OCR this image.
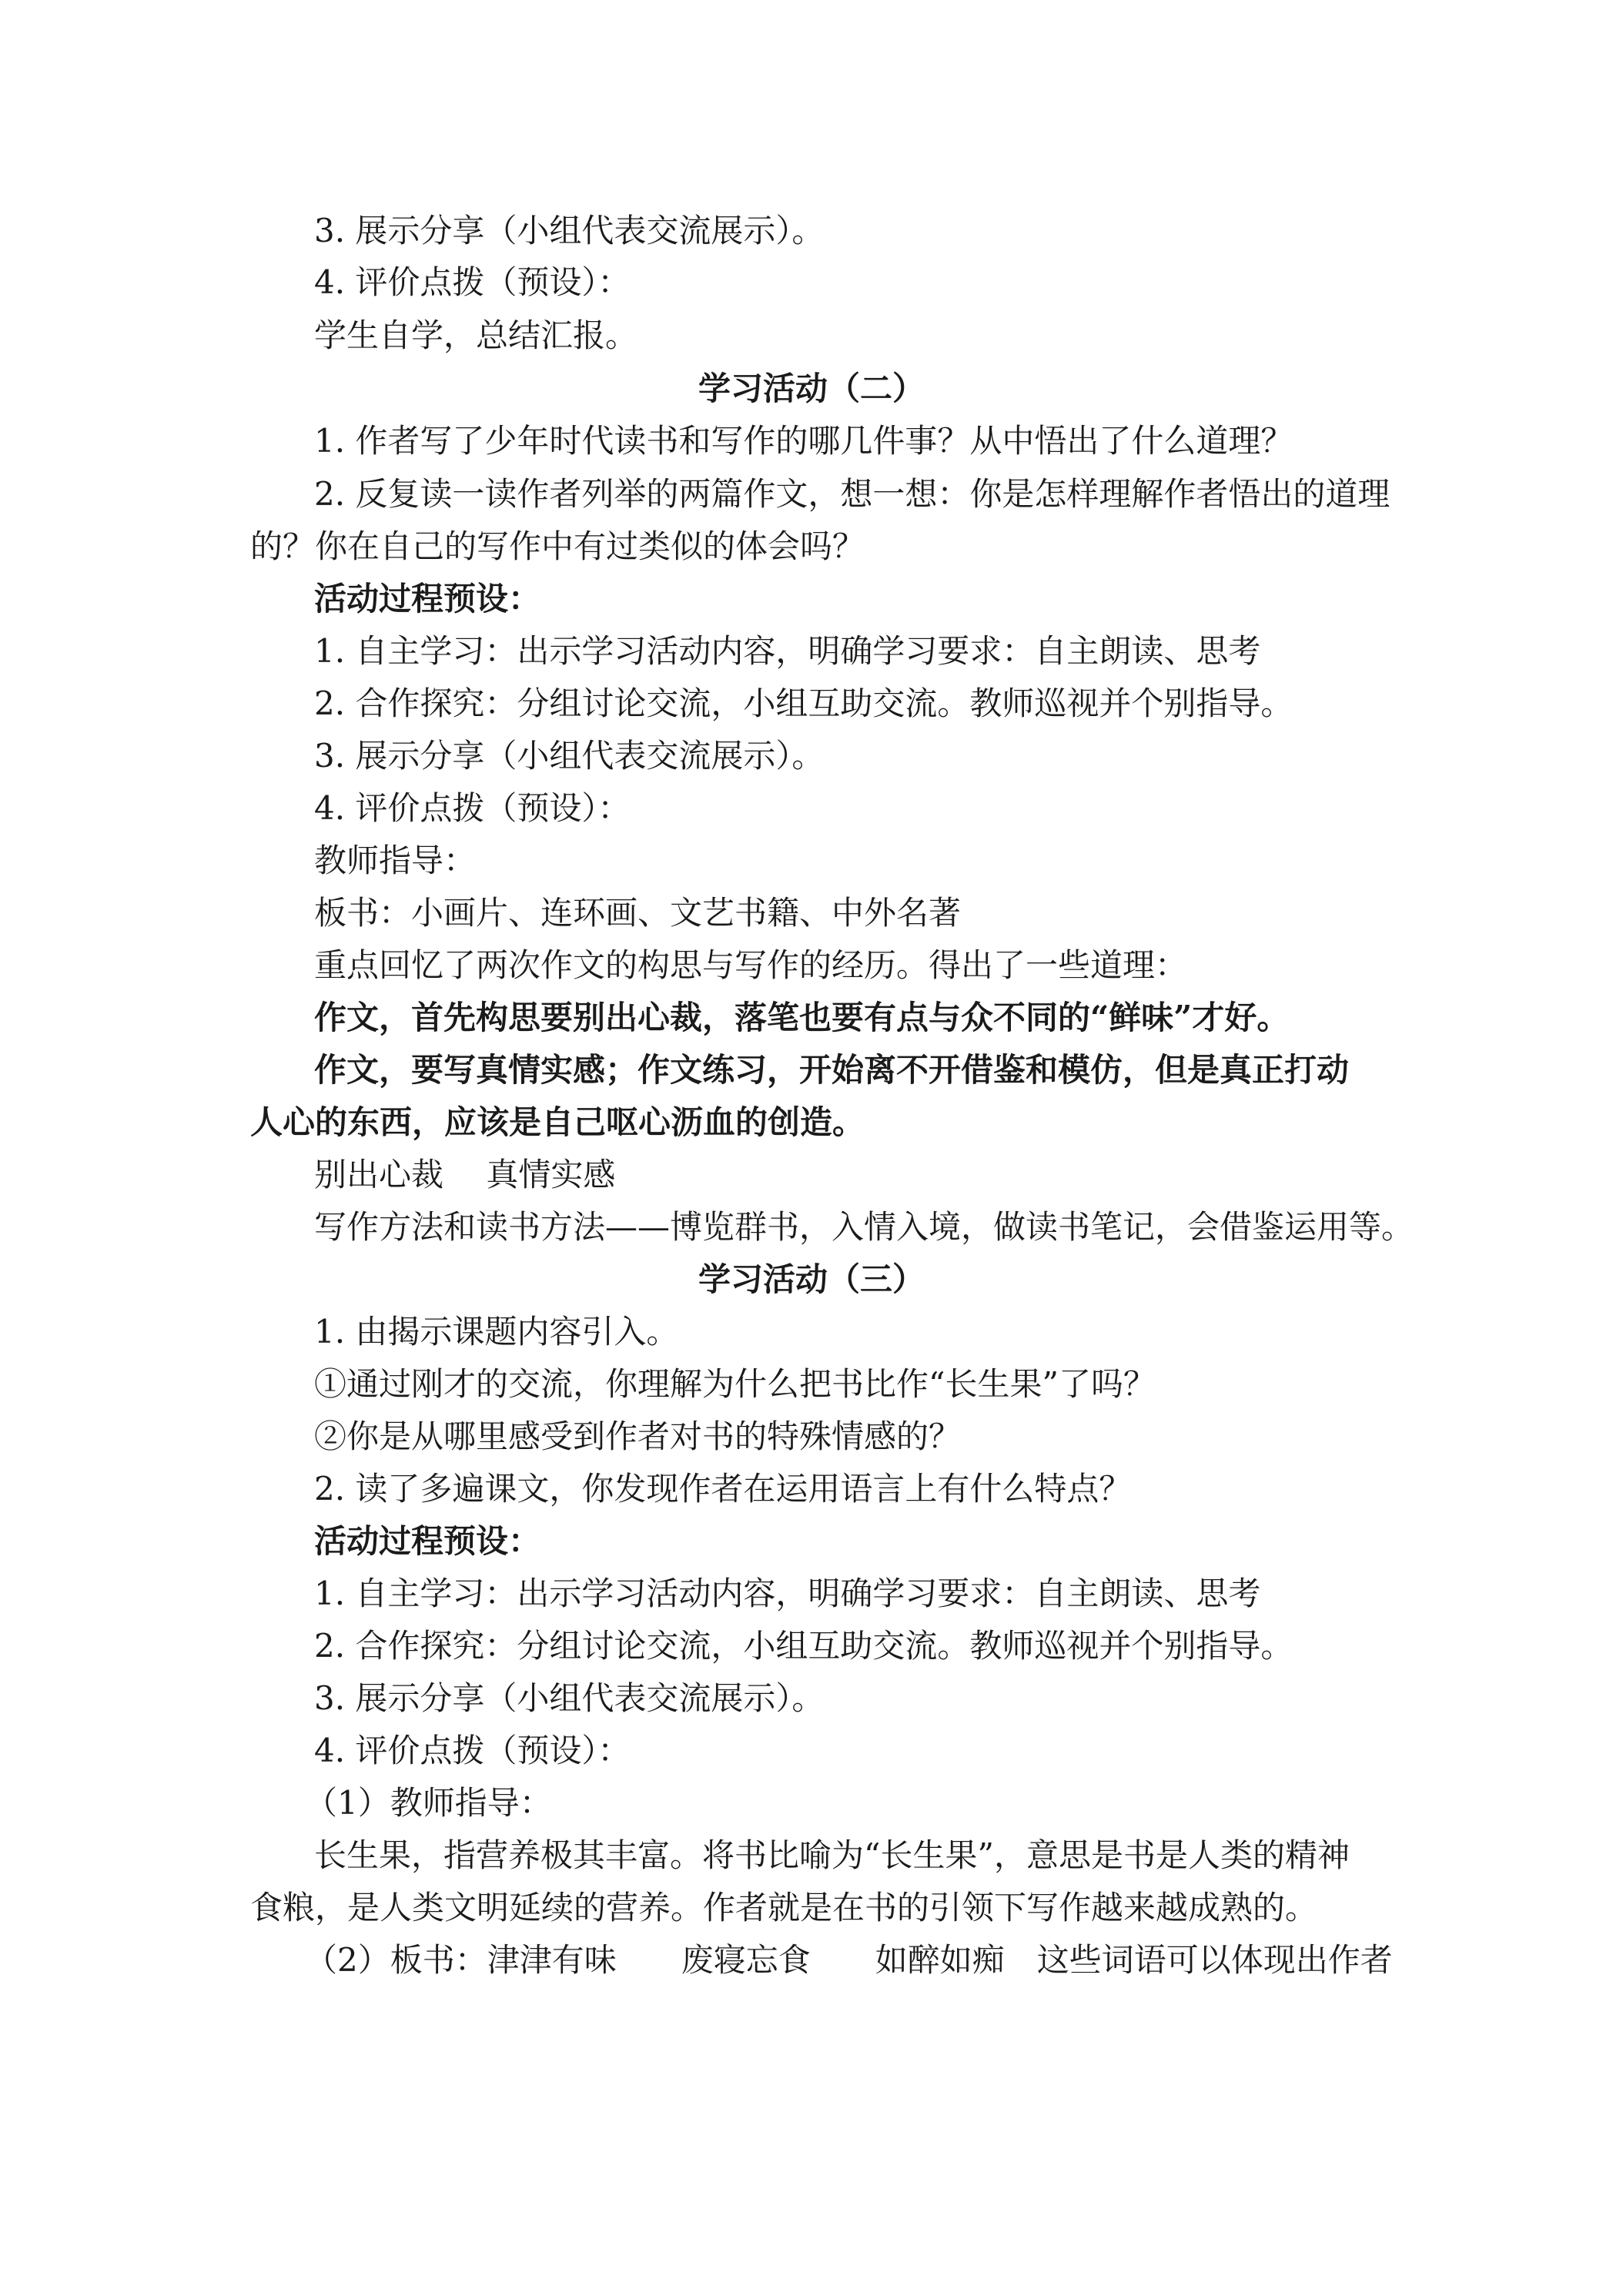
3. 展示分享（小组代表交流展示）。
4. 评价点拨（预设）：
学生自学，总结汇报。
学习活动（二）
1. 作者写了少年时代读书和写作的哪几件事？从中悟出了什么道理？
2. 反复读一读作者列举的两篇作文，想一想：你是怎样理解作者悟出的道理
的？你在自己的写作中有过类似的体会吗？
活动过程预设：
1. 自主学习：出示学习活动内容，明确学习要求：自主朗读、思考
2. 合作探究：分组讨论交流，小组互助交流。教师巡视并个别指导。
3. 展示分享（小组代表交流展示）。
4. 评价点拨（预设）：
教师指导：
板书：小画片、连环画、文艺书籍、中外名著
重点回忆了两次作文的构思与写作的经历。得出了一些道理：
作文，首先构思要别出心裁，落笔也要有点与众不同的“鲜味”才好。
作文，要写真情实感；作文练习，开始离不开借鉴和模仿，但是真正打动
人心的东西，应该是自己呕心沥血的创造。
别出心裁　 真情实感
写作方法和读书方法——博览群书，入情入境，做读书笔记，会借鉴运用等。
学习活动（三）
1. 由揭示课题内容引入。
①通过刚才的交流，你理解为什么把书比作“长生果”了吗？
②你是从哪里感受到作者对书的特殊情感的？
2. 读了多遍课文，你发现作者在运用语言上有什么特点？
活动过程预设：
1. 自主学习：出示学习活动内容，明确学习要求：自主朗读、思考
2. 合作探究：分组讨论交流，小组互助交流。教师巡视并个别指导。
3. 展示分享（小组代表交流展示）。
4. 评价点拨（预设）：
（1）教师指导：
长生果，指营养极其丰富。将书比喻为“长生果”，意思是书是人类的精神
食粮，是人类文明延续的营养。作者就是在书的引领下写作越来越成熟的。
（2）板书：津津有味　　废寝忘食　　如醉如痴　这些词语可以体现出作者
